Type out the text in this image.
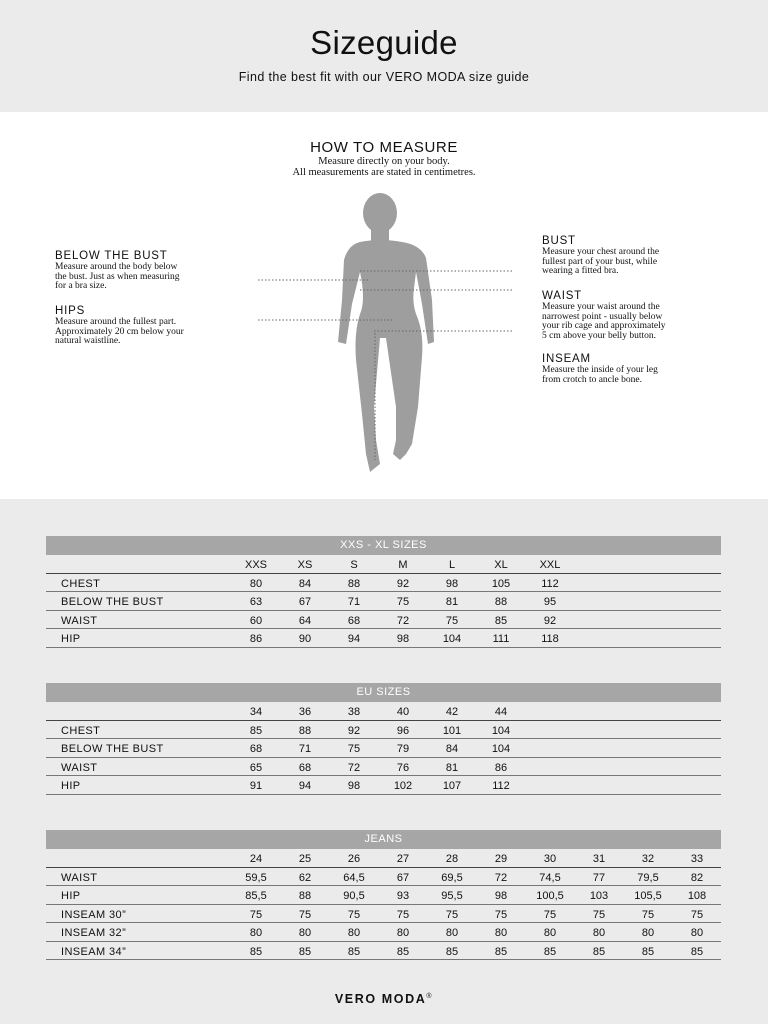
Sizeguide

Find the best fit with our VERO MODA size guide

HOW TO MEASURE
Measure directly on your body.
All measurements are stated in centimetres.
BELOW THE BUST

Measure around the body below
the bust. Just as when measuring
for a bra size.

HIPS

Measure around the fullest part.
Approximately 20 cm below your
natural waistline.

BUST

Measure your chest around the
fullest part of your bust, while
wearing a fitted bra.

WAIST

Measure your waist around the
narrowest point - usually below
your rib cage and approximately
5 cm above your belly button.

INSEAM

Measure the inside of your leg
from crotch to ancle bone.

XXS - XL SIZES
XXS	XS	S	M	L	XL	XXL
CHEST	80	84	88	92	98	105	112
BELOW THE BUST	63	67	71	75	81	88	95
WAIST	60	64	68	72	75	85	92
HIP	86	90	94	98	104	111	118
EU SIZES
34	36	38	40	42	44
CHEST	85	88	92	96	101	104
BELOW THE BUST	68	71	75	79	84	104
WAIST	65	68	72	76	81	86
HIP	91	94	98	102	107	112
JEANS
24	25	26	27	28	29	30	31	32	33
WAIST	59,5	62	64,5	67	69,5	72	74,5	77	79,5	82
HIP	85,5	88	90,5	93	95,5	98	100,5	103	105,5	108
INSEAM 30”	75	75	75	75	75	75	75	75	75	75
INSEAM 32”	80	80	80	80	80	80	80	80	80	80
INSEAM 34”	85	85	85	85	85	85	85	85	85	85
VERO MODA®
